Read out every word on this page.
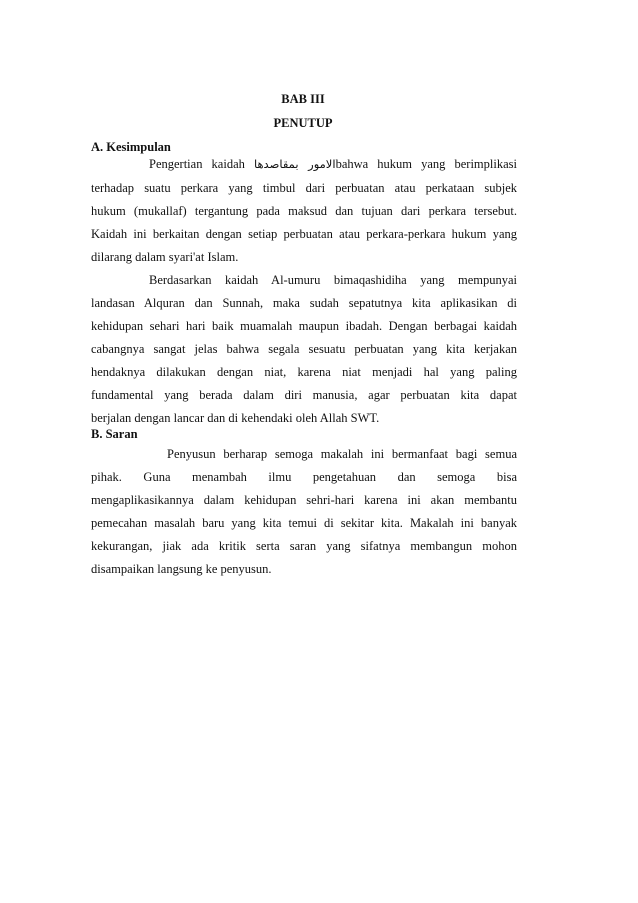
BAB III
PENUTUP
A. Kesimpulan
Pengertian kaidah الامور بمقاصدهاbahwa hukum yang berimplikasi
terhadap suatu perkara yang timbul dari perbuatan atau perkataan subjek
hukum (mukallaf) tergantung pada maksud dan tujuan dari perkara tersebut.
Kaidah ini berkaitan dengan setiap perbuatan atau perkara-perkara hukum yang
dilarang dalam syari'at Islam.
Berdasarkan kaidah Al-umuru bimaqashidiha yang mempunyai
landasan Alquran dan Sunnah, maka sudah sepatutnya kita aplikasikan di
kehidupan sehari hari baik muamalah maupun ibadah. Dengan berbagai kaidah
cabangnya sangat jelas bahwa segala sesuatu perbuatan yang kita kerjakan
hendaknya dilakukan dengan niat, karena niat menjadi hal yang paling
fundamental yang berada dalam diri manusia, agar perbuatan kita dapat
berjalan dengan lancar dan di kehendaki oleh Allah SWT.
B. Saran
Penyusun berharap semoga makalah ini bermanfaat bagi semua
pihak. Guna menambah ilmu pengetahuan dan semoga bisa
mengaplikasikannya dalam kehidupan sehri-hari karena ini akan membantu
pemecahan masalah baru yang kita temui di sekitar kita. Makalah ini banyak
kekurangan, jiak ada kritik serta saran yang sifatnya membangun mohon
disampaikan langsung ke penyusun.
